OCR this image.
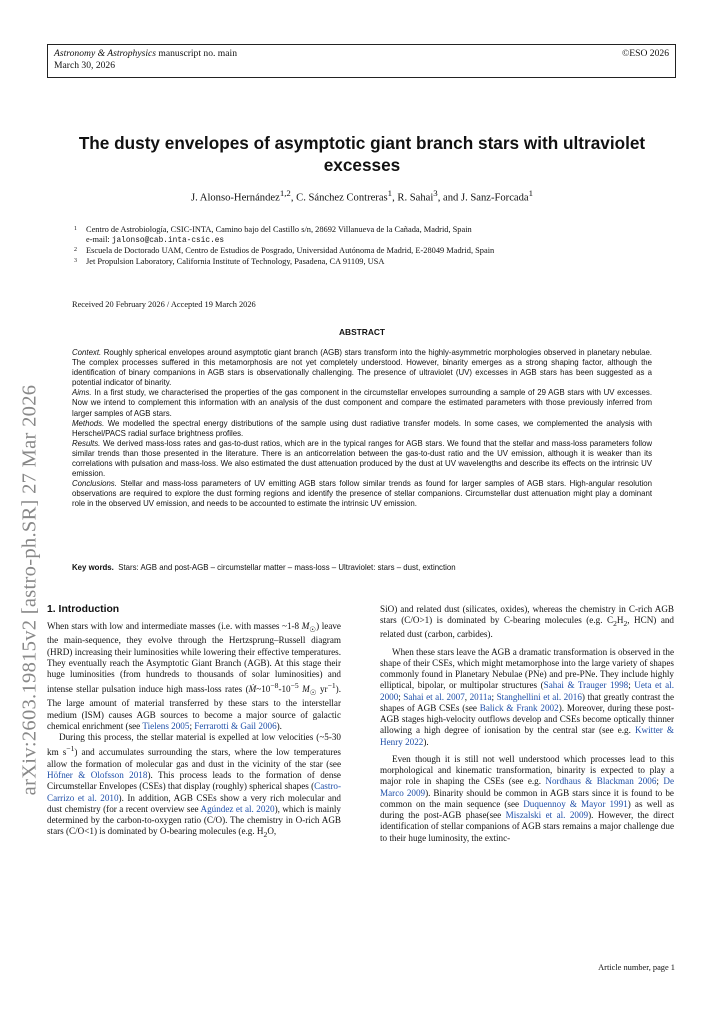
Astronomy & Astrophysics manuscript no. main
March 30, 2026
©ESO 2026
arXiv:2603.19815v2 [astro-ph.SR] 27 Mar 2026
The dusty envelopes of asymptotic giant branch stars with ultraviolet excesses
J. Alonso-Hernández$^{1,2}$, C. Sánchez Contreras$^1$, R. Sahai$^3$, and J. Sanz-Forcada$^1$
1 Centro de Astrobiología, CSIC-INTA, Camino bajo del Castillo s/n, 28692 Villanueva de la Cañada, Madrid, Spain
e-mail: jalonso@cab.inta-csic.es
2 Escuela de Doctorado UAM, Centro de Estudios de Posgrado, Universidad Autónoma de Madrid, E-28049 Madrid, Spain
3 Jet Propulsion Laboratory, California Institute of Technology, Pasadena, CA 91109, USA
Received 20 February 2026 / Accepted 19 March 2026
ABSTRACT

Context. Roughly spherical envelopes around asymptotic giant branch (AGB) stars transform into the highly-asymmetric morphologies observed in planetary nebulae. The complex processes suffered in this metamorphosis are not yet completely understood. However, binarity emerges as a strong shaping factor, although the identification of binary companions in AGB stars is observationally challenging. The presence of ultraviolet (UV) excesses in AGB stars has been suggested as a potential indicator of binarity.

Aims. In a first study, we characterised the properties of the gas component in the circumstellar envelopes surrounding a sample of 29 AGB stars with UV excesses. Now we intend to complement this information with an analysis of the dust component and compare the estimated parameters with those previously inferred from larger samples of AGB stars.

Methods. We modelled the spectral energy distributions of the sample using dust radiative transfer models. In some cases, we complemented the analysis with Herschel/PACS radial surface brightness profiles.

Results. We derived mass-loss rates and gas-to-dust ratios, which are in the typical ranges for AGB stars. We found that the stellar and mass-loss parameters follow similar trends than those presented in the literature. There is an anticorrelation between the gas-to-dust ratio and the UV emission, although it is weaker than its correlations with pulsation and mass-loss. We also estimated the dust attenuation produced by the dust at UV wavelengths and describe its effects on the intrinsic UV emission.

Conclusions. Stellar and mass-loss parameters of UV emitting AGB stars follow similar trends as found for larger samples of AGB stars. High-angular resolution observations are required to explore the dust forming regions and identify the presence of stellar companions. Circumstellar dust attenuation might play a dominant role in the observed UV emission, and needs to be accounted to estimate the intrinsic UV emission.

Key words. Stars: AGB and post-AGB – circumstellar matter – mass-loss – Ultraviolet: stars – dust, extinction
1. Introduction

When stars with low and intermediate masses (i.e. with masses ~1-8 $M_☉$) leave the main-sequence, they evolve through the Hertzsprung–Russell diagram (HRD) increasing their luminosities while lowering their effective temperatures. They eventually reach the Asymptotic Giant Branch (AGB). At this stage their huge luminosities (from hundreds to thousands of solar luminosities) and intense stellar pulsation induce high mass-loss rates ($Ṁ\sim 10^{-8}-10^{-5}$ $M_☉$ $yr^{-1}$). The large amount of material transferred by these stars to the interstellar medium (ISM) causes AGB sources to become a major source of galactic chemical enrichment (see Tielens 2005; Ferrarotti & Gail 2006).

During this process, the stellar material is expelled at low velocities (~5-30 km $s^{-1}$) and accumulates surrounding the stars, where the low temperatures allow the formation of molecular gas and dust in the vicinity of the star (see Höfner & Olofsson 2018). This process leads to the formation of dense Circumstellar Envelopes (CSEs) that display (roughly) spherical shapes (Castro-Carrizo et al. 2010). In addition, AGB CSEs show a very rich molecular and dust chemistry (for a recent overview see Agúndez et al. 2020), which is mainly determined by the carbon-to-oxygen ratio (C/O). The chemistry in O-rich AGB stars (C/O<1) is dominated by O-bearing molecules (e.g. $H_2O$,

SiO) and related dust (silicates, oxides), whereas the chemistry in C-rich AGB stars (C/O>1) is dominated by C-bearing molecules (e.g. $C_2H_2$, HCN) and related dust (carbon, carbides).

When these stars leave the AGB a dramatic transformation is observed in the shape of their CSEs, which might metamorphose into the large variety of shapes commonly found in Planetary Nebulae (PNe) and pre-PNe. They include highly elliptical, bipolar, or multipolar structures (Sahai & Trauger 1998; Ueta et al. 2000; Sahai et al. 2007, 2011a; Stanghellini et al. 2016) that greatly contrast the shapes of AGB CSEs (see Balick & Frank 2002). Moreover, during these post-AGB stages high-velocity outflows develop and CSEs become optically thinner allowing a high degree of ionisation by the central star (see e.g. Kwitter & Henry 2022).

Even though it is still not well understood which processes lead to this morphological and kinematic transformation, binarity is expected to play a major role in shaping the CSEs (see e.g. Nordhaus & Blackman 2006; De Marco 2009). Binarity should be common in AGB stars since it is found to be common on the main sequence (see Duquennoy & Mayor 1991) as well as during the post-AGB phase(see Miszalski et al. 2009). However, the direct identification of stellar companions of AGB stars remains a major challenge due to their huge luminosity, the extinc-

Article number, page 1
